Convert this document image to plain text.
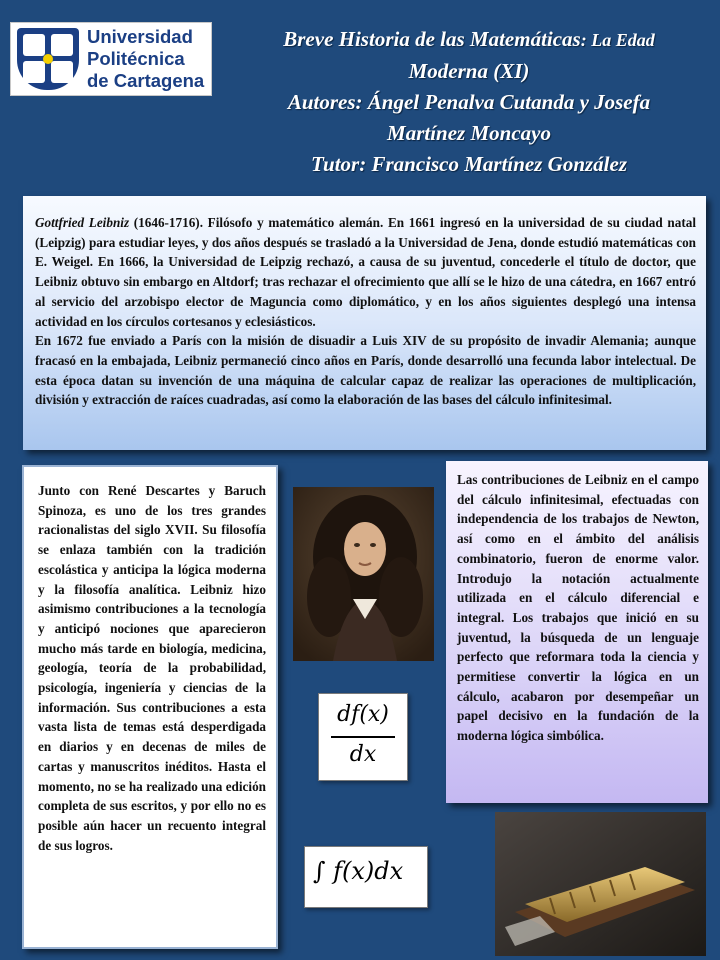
Universidad
Politécnica
de Cartagena
Breve Historia de las Matemáticas: La Edad
Moderna (XI)
Autores: Ángel Penalva Cutanda y Josefa
Martínez Moncayo
Tutor: Francisco Martínez González

Gottfried Leibniz (1646-1716). Filósofo y matemático alemán. En 1661 ingresó en la universidad de su ciudad natal (Leipzig) para estudiar leyes, y dos años después se trasladó a la Universidad de Jena, donde estudió matemáticas con E. Weigel. En 1666, la Universidad de Leipzig rechazó, a causa de su juventud, concederle el título de doctor, que Leibniz obtuvo sin embargo en Altdorf; tras rechazar el ofrecimiento que allí se le hizo de una cátedra, en 1667 entró al servicio del arzobispo elector de Maguncia como diplomático, y en los años siguientes desplegó una intensa actividad en los círculos cortesanos y eclesiásticos.

En 1672 fue enviado a París con la misión de disuadir a Luis XIV de su propósito de invadir Alemania; aunque fracasó en la embajada, Leibniz permaneció cinco años en París, donde desarrolló una fecunda labor intelectual. De esta época datan su invención de una máquina de calcular capaz de realizar las operaciones de multiplicación, división y extracción de raíces cuadradas, así como la elaboración de las bases del cálculo infinitesimal.

Junto con René Descartes y Baruch Spinoza, es uno de los tres grandes racionalistas del siglo XVII. Su filosofía se enlaza también con la tradición escolástica y anticipa la lógica moderna y la filosofía analítica. Leibniz hizo asimismo contribuciones a la tecnología y anticipó nociones que aparecieron mucho más tarde en biología, medicina, geología, teoría de la probabilidad, psicología, ingeniería y ciencias de la información. Sus contribuciones a esta vasta lista de temas está desperdigada en diarios y en decenas de miles de cartas y manuscritos inéditos. Hasta el momento, no se ha realizado una edición completa de sus escritos, y por ello no es posible aún hacer un recuento integral de sus logros.
df(x)
dx
∫ f(x)dx
Las contribuciones de Leibniz en el campo del cálculo infinitesimal, efectuadas con independencia de los trabajos de Newton, así como en el ámbito del análisis combinatorio, fueron de enorme valor. Introdujo la notación actualmente utilizada en el cálculo diferencial e integral. Los trabajos que inició en su juventud, la búsqueda de un lenguaje perfecto que reformara toda la ciencia y permitiese convertir la lógica en un cálculo, acabaron por desempeñar un papel decisivo en la fundación de la moderna lógica simbólica.
